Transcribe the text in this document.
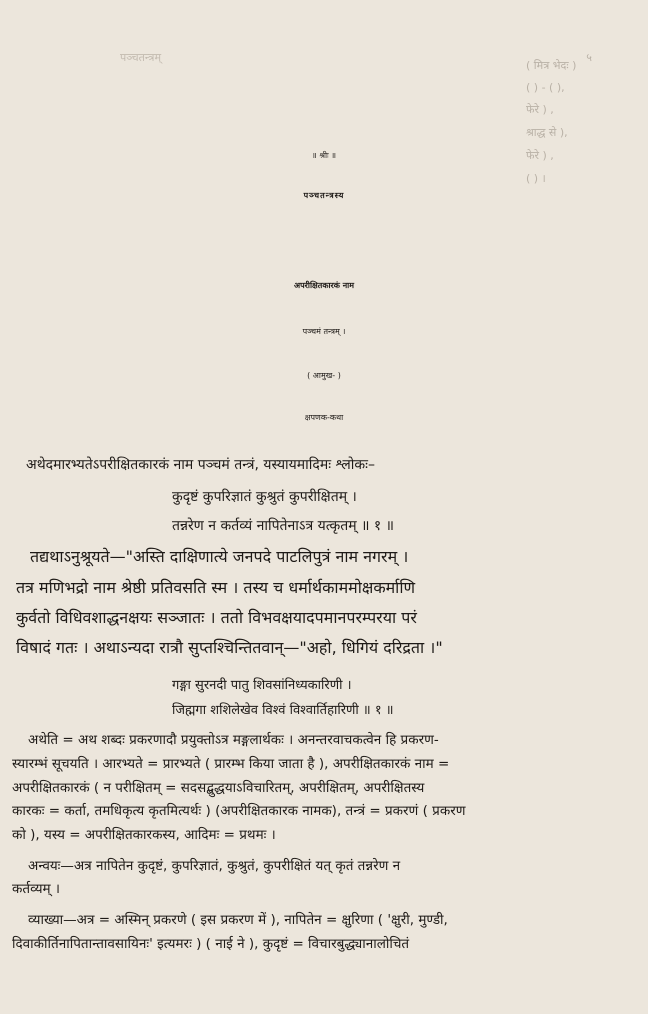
पञ्चतन्त्रम्	५
( मित्र भेदः )
( ) - ( ),
फेरे ) ,
श्राद्ध से ),
फेरे ) ,
( ) ।
॥ श्रीः ॥
पञ्चतन्त्रस्य
अपरीक्षितकारकं नाम
पञ्चमं तन्त्रम् ।
( आमुख- )
क्षपणक-कथा
अथेदमारभ्यतेऽपरीक्षितकारकं नाम पञ्चमं तन्त्रं, यस्यायमादिमः श्लोकः–
कुदृष्टं कुपरिज्ञातं कुश्रुतं कुपरीक्षितम् ।
तन्नरेण न कर्तव्यं नापितेनाऽत्र यत्कृतम् ॥ १ ॥
तद्यथाऽनुश्रूयते—"अस्ति दाक्षिणात्ये जनपदे पाटलिपुत्रं नाम नगरम् ।
तत्र मणिभद्रो नाम श्रेष्ठी प्रतिवसति स्म । तस्य च धर्मार्थकाममोक्षकर्माणि
कुर्वतो विधिवशाद्धनक्षयः सञ्जातः । ततो विभवक्षयादपमानपरम्परया परं
विषादं गतः । अथाऽन्यदा रात्रौ सुप्तश्चिन्तितवान्—"अहो, धिगियं दरिद्रता ।"
गङ्गा सुरनदी पातु शिवसांनिध्यकारिणी ।
जिह्मगा शशिलेखेव विश्वं विश्वार्तिहारिणी ॥ १ ॥
अथेति = अथ शब्दः प्रकरणादौ प्रयुक्तोऽत्र मङ्गलार्थकः । अनन्तरवाचकत्वेन हि प्रकरण-
स्यारम्भं सूचयति । आरभ्यते = प्रारभ्यते ( प्रारम्भ किया जाता है ), अपरीक्षितकारकं नाम =
अपरीक्षितकारकं ( न परीक्षितम् = सदसद्बुद्धयाऽविचारितम्, अपरीक्षितम्, अपरीक्षितस्य
कारकः = कर्ता, तमधिकृत्य कृतमित्यर्थः ) (अपरीक्षितकारक नामक), तन्त्रं = प्रकरणं ( प्रकरण
को ), यस्य = अपरीक्षितकारकस्य, आदिमः = प्रथमः ।
अन्वयः—अत्र नापितेन कुदृष्टं, कुपरिज्ञातं, कुश्रुतं, कुपरीक्षितं यत् कृतं तन्नरेण न
कर्तव्यम् ।
व्याख्या—अत्र = अस्मिन् प्रकरणे ( इस प्रकरण में ), नापितेन = क्षुरिणा ( 'क्षुरी, मुण्डी,
दिवाकीर्तिनापितान्तावसायिनः' इत्यमरः ) ( नाई ने ), कुदृष्टं = विचारबुद्ध्यानालोचितं
